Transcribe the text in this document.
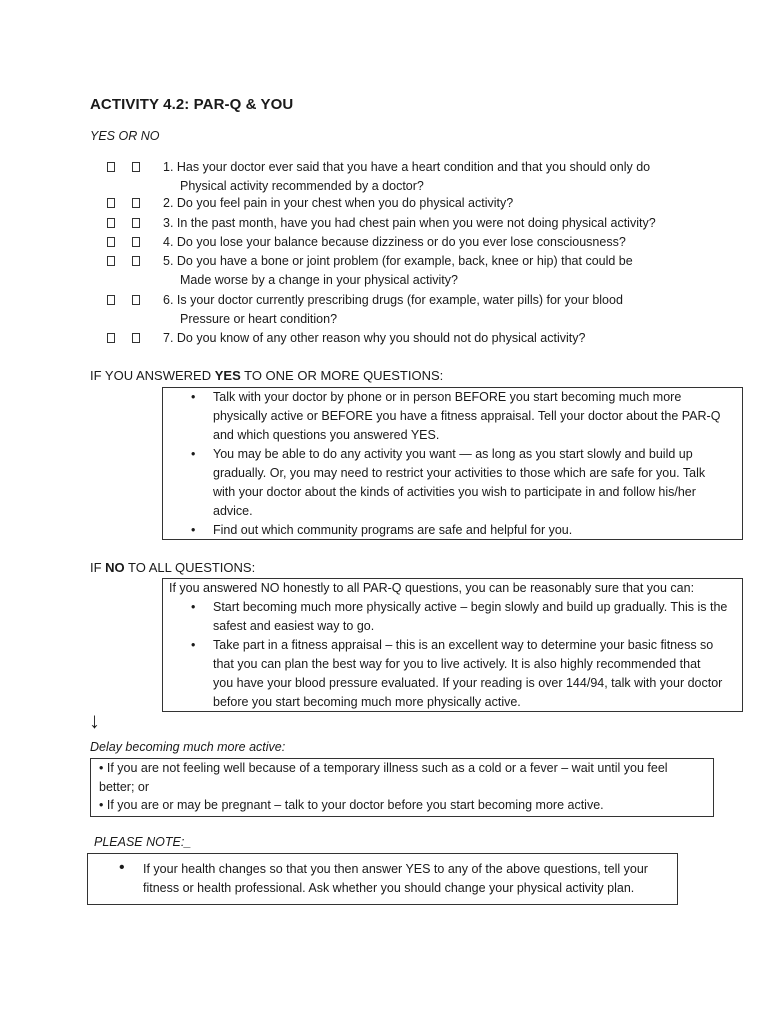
ACTIVITY 4.2: PAR-Q & YOU
YES OR NO
1. Has your doctor ever said that you have a heart condition and that you should only do
Physical activity recommended by a doctor?
2. Do you feel pain in your chest when you do physical activity?
3. In the past month, have you had chest pain when you were not doing physical activity?
4. Do you lose your balance because dizziness or do you ever lose consciousness?
5. Do you have a bone or joint problem (for example, back, knee or hip) that could be
Made worse by a change in your physical activity?
6. Is your doctor currently prescribing drugs (for example, water pills) for your blood
Pressure or heart condition?
7. Do you know of any other reason why you should not do physical activity?
IF YOU ANSWERED YES TO ONE OR MORE QUESTIONS:
• Talk with your doctor by phone or in person BEFORE you start becoming much more
physically active or BEFORE you have a fitness appraisal. Tell your doctor about the PAR-Q
and which questions you answered YES.
• You may be able to do any activity you want — as long as you start slowly and build up
gradually. Or, you may need to restrict your activities to those which are safe for you. Talk
with your doctor about the kinds of activities you wish to participate in and follow his/her
advice.
• Find out which community programs are safe and helpful for you.
IF NO TO ALL QUESTIONS:
If you answered NO honestly to all PAR-Q questions, you can be reasonably sure that you can:
• Start becoming much more physically active – begin slowly and build up gradually. This is the
safest and easiest way to go.
• Take part in a fitness appraisal – this is an excellent way to determine your basic fitness so
that you can plan the best way for you to live actively. It is also highly recommended that
you have your blood pressure evaluated. If your reading is over 144/94, talk with your doctor
before you start becoming much more physically active.
↓
Delay becoming much more active:
• If you are not feeling well because of a temporary illness such as a cold or a fever – wait until you feel
better; or
• If you are or may be pregnant – talk to your doctor before you start becoming more active.
PLEASE NOTE:_
• If your health changes so that you then answer YES to any of the above questions, tell your
fitness or health professional. Ask whether you should change your physical activity plan.
